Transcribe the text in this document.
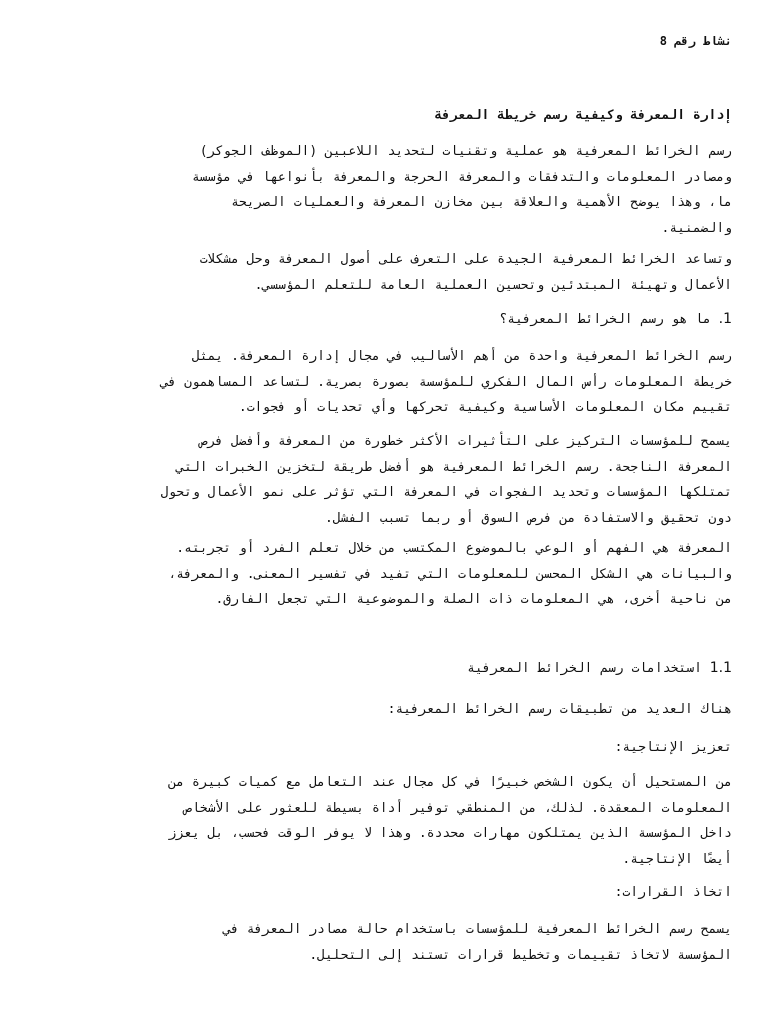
نشاط رقم 8
إدارة المعرفة وكيفية رسم خريطة المعرفة
رسم الخرائط المعرفية هو عملية وتقنيات لتحديد اللاعبين (الموظف الجوكر)
ومصادر المعلومات والتدفقات والمعرفة الحرجة والمعرفة بأنواعها في مؤسسة
ما، وهذا يوضح الأهمية والعلاقة بين مخازن المعرفة والعمليات الصريحة
والضمنية.
وتساعد الخرائط المعرفية الجيدة على التعرف على أصول المعرفة وحل مشكلات
الأعمال وتهيئة المبتدئين وتحسين العملية العامة للتعلم المؤسسي.
1. ما هو رسم الخرائط المعرفية؟
رسم الخرائط المعرفية واحدة من أهم الأساليب في مجال إدارة المعرفة. يمثل
خريطة المعلومات رأس المال الفكري للمؤسسة بصورة بصرية. لتساعد المساهمون في
تقييم مكان المعلومات الأساسية وكيفية تحركها وأي تحديات أو فجوات.
يسمح للمؤسسات التركيز على التأثيرات الأكثر خطورة من المعرفة وأفضل فرص
المعرفة الناجحة. رسم الخرائط المعرفية هو أفضل طريقة لتخزين الخبرات التي
تمتلكها المؤسسات وتحديد الفجوات في المعرفة التي تؤثر على نمو الأعمال وتحول
دون تحقيق والاستفادة من فرص السوق أو ربما تسبب الفشل.
المعرفة هي الفهم أو الوعي بالموضوع المكتسب من خلال تعلم الفرد أو تجربته.
والبيانات هي الشكل المحسن للمعلومات التي تفيد في تفسير المعنى. والمعرفة،
من ناحية أخرى، هي المعلومات ذات الصلة والموضوعية التي تجعل الفارق.
1.1 استخدامات رسم الخرائط المعرفية
هناك العديد من تطبيقات رسم الخرائط المعرفية:
تعزيز الإنتاجية:
من المستحيل أن يكون الشخص خبيرًا في كل مجال عند التعامل مع كميات كبيرة من
المعلومات المعقدة. لذلك، من المنطقي توفير أداة بسيطة للعثور على الأشخاص
داخل المؤسسة الذين يمتلكون مهارات محددة. وهذا لا يوفر الوقت فحسب، بل يعزز
أيضًا الإنتاجية.
اتخاذ القرارات:
يسمح رسم الخرائط المعرفية للمؤسسات باستخدام حالة مصادر المعرفة في
المؤسسة لاتخاذ تقييمات وتخطيط قرارات تستند إلى التحليل.
